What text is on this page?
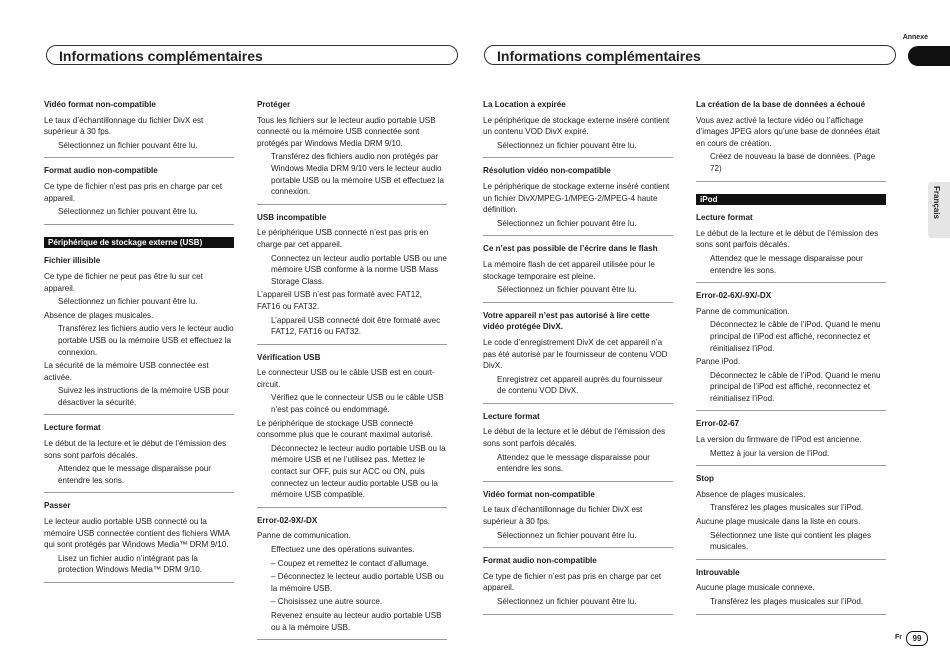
Annexe
Informations complémentaires	Informations complémentaires
Français
Vidéo format non-compatible
Le taux d’échantillonnage du fichier DivX est supérieur à 30 fps.
Sélectionnez un fichier pouvant être lu.
Format audio non-compatible
Ce type de fichier n’est pas pris en charge par cet appareil.
Sélectionnez un fichier pouvant être lu.
Périphérique de stockage externe (USB)
Fichier illisible
Ce type de fichier ne peut pas être lu sur cet appareil.
Sélectionnez un fichier pouvant être lu.
Absence de plages musicales.
Transférez les fichiers audio vers le lecteur audio portable USB ou la mémoire USB et effectuez la connexion.
La sécurité de la mémoire USB connectée est activée.
Suivez les instructions de la mémoire USB pour désactiver la sécurité.
Lecture format
Le début de la lecture et le début de l’émission des sons sont parfois décalés.
Attendez que le message disparaisse pour entendre les sons.
Passer
Le lecteur audio portable USB connecté ou la mémoire USB connectée contient des fichiers WMA qui sont protégés par Windows Media™ DRM 9/10.
Lisez un fichier audio n’intégrant pas la protection Windows Media™ DRM 9/10.
Protéger
Tous les fichiers sur le lecteur audio portable USB connecté ou la mémoire USB connectée sont protégés par Windows Media DRM 9/10.
Transférez des fichiers audio non protégés par Windows Media DRM 9/10 vers le lecteur audio portable USB ou la mémoire USB et effectuez la connexion.
USB incompatible
Le périphérique USB connecté n’est pas pris en charge par cet appareil.
Connectez un lecteur audio portable USB ou une mémoire USB conforme à la norme USB Mass Storage Class.
L’appareil USB n’est pas formaté avec FAT12, FAT16 ou FAT32.
L’appareil USB connecté doit être formaté avec FAT12, FAT16 ou FAT32.
Vérification USB
Le connecteur USB ou le câble USB est en court-circuit.
Vérifiez que le connecteur USB ou le câble USB n’est pas coincé ou endommagé.
Le périphérique de stockage USB connecté consomme plus que le courant maximal autorisé.
Déconnectez le lecteur audio portable USB ou la mémoire USB et ne l’utilisez pas. Mettez le contact sur OFF, puis sur ACC ou ON, puis connectez un lecteur audio portable USB ou la mémoire USB compatible.
Error-02-9X/-DX
Panne de communication.
Effectuez une des opérations suivantes.
– Coupez et remettez le contact d’allumage.
– Déconnectez le lecteur audio portable USB ou la mémoire USB.
– Choisissez une autre source.
Revenez ensuite au lecteur audio portable USB ou à la mémoire USB.
La Location a expirée
Le périphérique de stockage externe inséré contient un contenu VOD DivX expiré.
Sélectionnez un fichier pouvant être lu.
Résolution vidéo non-compatible
Le périphérique de stockage externe inséré contient un fichier DivX/MPEG-1/MPEG-2/MPEG-4 haute définition.
Sélectionnez un fichier pouvant être lu.
Ce n’est pas possible de l’écrire dans le flash
La mémoire flash de cet appareil utilisée pour le stockage temporaire est pleine.
Sélectionnez un fichier pouvant être lu.
Votre appareil n’est pas autorisé à lire cette vidéo protégée DivX.
Le code d’enregistrement DivX de cet appareil n’a pas été autorisé par le fournisseur de contenu VOD DivX.
Enregistrez cet appareil auprès du fournisseur de contenu VOD DivX.
Lecture format
Le début de la lecture et le début de l’émission des sons sont parfois décalés.
Attendez que le message disparaisse pour entendre les sons.
Vidéo format non-compatible
Le taux d’échantillonnage du fichier DivX est supérieur à 30 fps.
Sélectionnez un fichier pouvant être lu.
Format audio non-compatible
Ce type de fichier n’est pas pris en charge par cet appareil.
Sélectionnez un fichier pouvant être lu.
La création de la base de données a échoué
Vous avez activé la lecture vidéo ou l’affichage d’images JPEG alors qu’une base de données était en cours de création.
Créez de nouveau la base de données. (Page 72)
iPod
Lecture format
Le début de la lecture et le début de l’émission des sons sont parfois décalés.
Attendez que le message disparaisse pour entendre les sons.
Error-02-6X/-9X/-DX
Panne de communication.
Déconnectez le câble de l’iPod. Quand le menu principal de l’iPod est affiché, reconnectez et réinitialisez l’iPod.
Panne iPod.
Déconnectez le câble de l’iPod. Quand le menu principal de l’iPod est affiché, reconnectez et réinitialisez l’iPod.
Error-02-67
La version du firmware de l’iPod est ancienne.
Mettez à jour la version de l’iPod.
Stop
Absence de plages musicales.
Transférez les plages musicales sur l’iPod.
Aucune plage musicale dans la liste en cours.
Sélectionnez une liste qui contient les plages musicales.
Introuvable
Aucune plage musicale connexe.
Transférez les plages musicales sur l’iPod.
Fr	99
